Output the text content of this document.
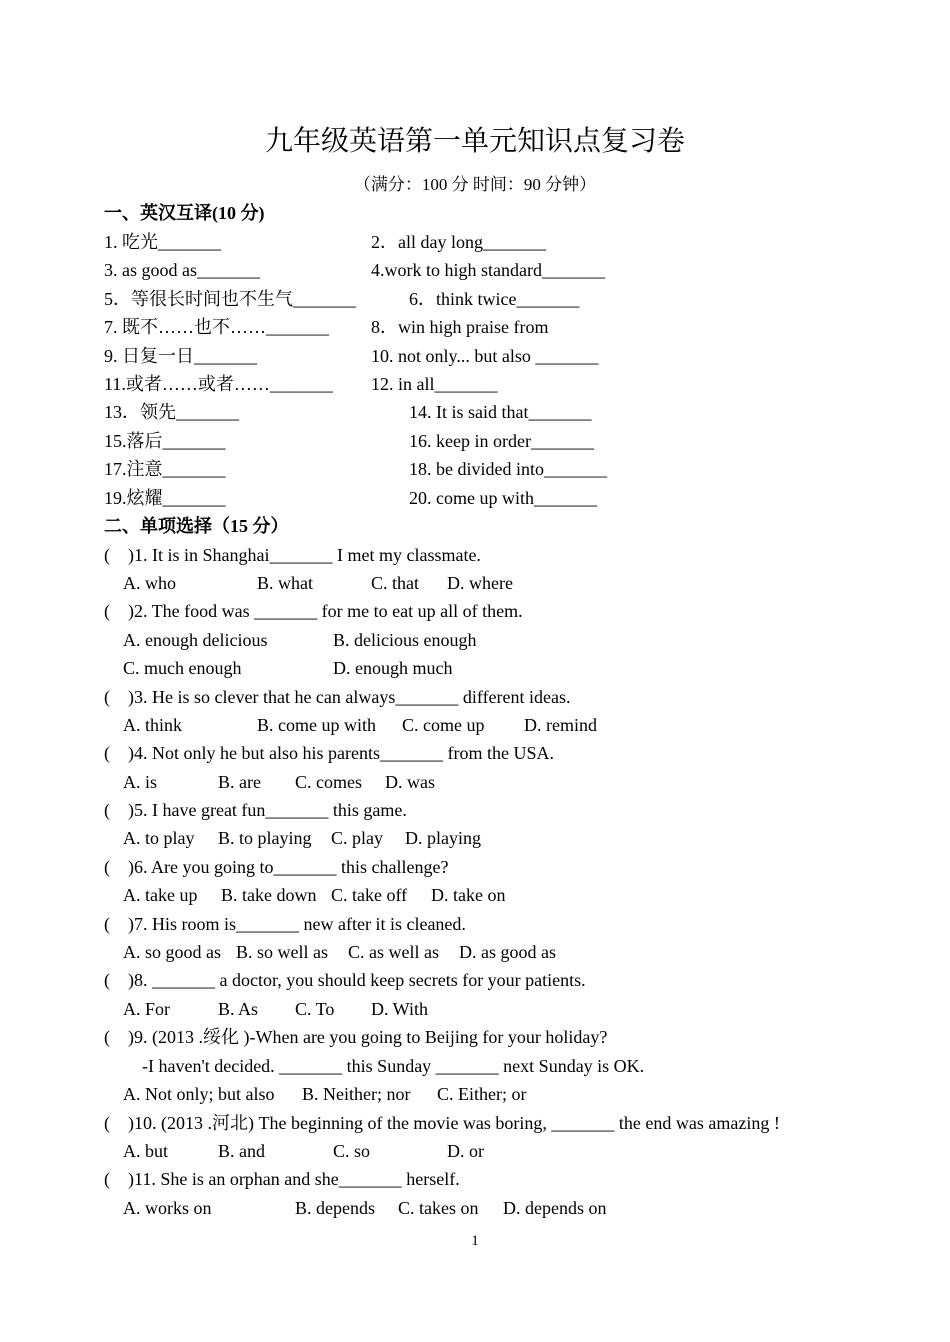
九年级英语第一单元知识点复习卷
（满分：100 分 时间：90 分钟）
一、英汉互译(10 分)
1. 吃光_______	2．all day long_______
3. as good as_______	4.work to high standard_______
5．等很长时间也不生气_______	6．think twice_______
7. 既不……也不……_______ 8．win high praise from
9. 日复一日_______	10. not only... but also _______
11.或者……或者……_______ 12. in all_______
13．领先_______	14. It is said that_______
15.落后_______	16. keep in order_______
17.注意_______	18. be divided into_______
19.炫耀_______	20. come up with_______
二、单项选择（15 分）
(    )1. It is in Shanghai_______ I met my classmate.
A. who	B. what	C. that D. where
(    )2. The food was _______ for me to eat up all of them.
A. enough delicious	B. delicious enough
C. much enough	D. enough much
(    )3. He is so clever that he can always_______ different ideas.
A. think	B. come up with C. come up D. remind
(    )4. Not only he but also his parents_______ from the USA.
A. is	B. are C. comes D. was
(    )5. I have great fun_______ this game.
A. to play B. to playing C. play D. playing
(    )6. Are you going to_______ this challenge?
A. take up B. take down C. take off D. take on
(    )7. His room is_______ new after it is cleaned.
A. so good as B. so well as C. as well as D. as good as
(    )8. _______ a doctor, you should keep secrets for your patients.
A. For	B. As C. To D. With
(    )9. (2013 .绥化 )-When are you going to Beijing for your holiday?
-I haven't decided. _______ this Sunday _______ next Sunday is OK.
A. Not only; but also B. Neither; nor C. Either; or
(    )10. (2013 .河北) The beginning of the movie was boring, _______ the end was amazing !
A. but	B. and	C. so	D. or
(    )11. She is an orphan and she_______ herself.
A. works on	B. depends C. takes on D. depends on
1
